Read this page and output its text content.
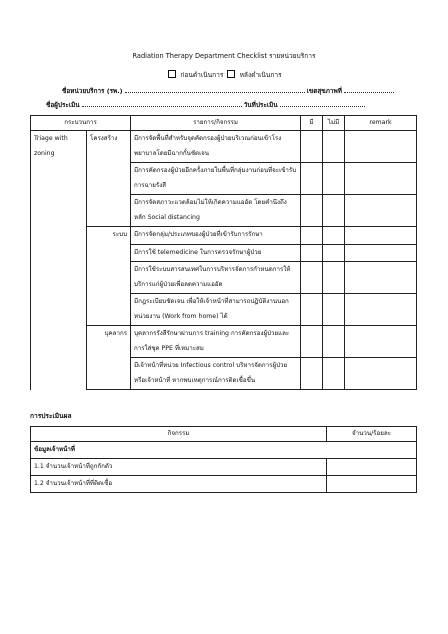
Radiation Therapy Department Checklist รายหน่วยบริการ
ก่อนดำเนินการ หลังดำเนินการ
ชื่อหน่วยบริการ (รพ.)	เขตสุขภาพที่
ชื่อผู้ประเมิน	วันที่ประเมิน
กระบวนการ		รายการ/กิจกรรม	มี	ไม่มี	remark
Triage with zoning	โครงสร้าง	มีการจัดพื้นที่สำหรับจุดคัดกรองผู้ป่วยบริเวณก่อนเข้าโรงพยาบาลโดยมีฉากกั้นชัดเจน			
		มีการคัดกรองผู้ป่วยอีกครั้งภายในพื้นที่กลุ่มงานก่อนที่จะเข้ารับการฉายรังสี			
		มีการจัดสภาวะแวดล้อมไม่ให้เกิดความแออัด โดยคำนึงถึงหลัก Social distancing			
	ระบบ	มีการจัดกลุ่ม/ประเภทของผู้ป่วยที่เข้ารับการรักษา			
		มีการใช้ telemedicine ในการตรวจรักษาผู้ป่วย			
		มีการใช้ระบบสารสนเทศในการบริหารจัดการกำหนดการให้บริการแก่ผู้ป่วยเพื่อลดความแออัด			
		มีกฎระเบียบชัดเจน เพื่อให้เจ้าหน้าที่สามารถปฏิบัติงานนอกหน่วยงาน (Work from home) ได้			
	บุคลากร	บุคลากรรังสีรักษาผ่านการ training การคัดกรองผู้ป่วยและการใส่ชุด PPE ที่เหมาะสม			
		มีเจ้าหน้าที่หน่วย Infectious control บริหารจัดการผู้ป่วยหรือเจ้าหน้าที่ หากพบเหตุการณ์การติดเชื้อขึ้น			
การประเมินผล
กิจกรรม	จำนวน/ร้อยละ
ข้อมูลเจ้าหน้าที่	
1.1 จำนวนเจ้าหน้าที่ถูกกักตัว	
1.2 จำนวนเจ้าหน้าที่ที่ติดเชื้อ	
